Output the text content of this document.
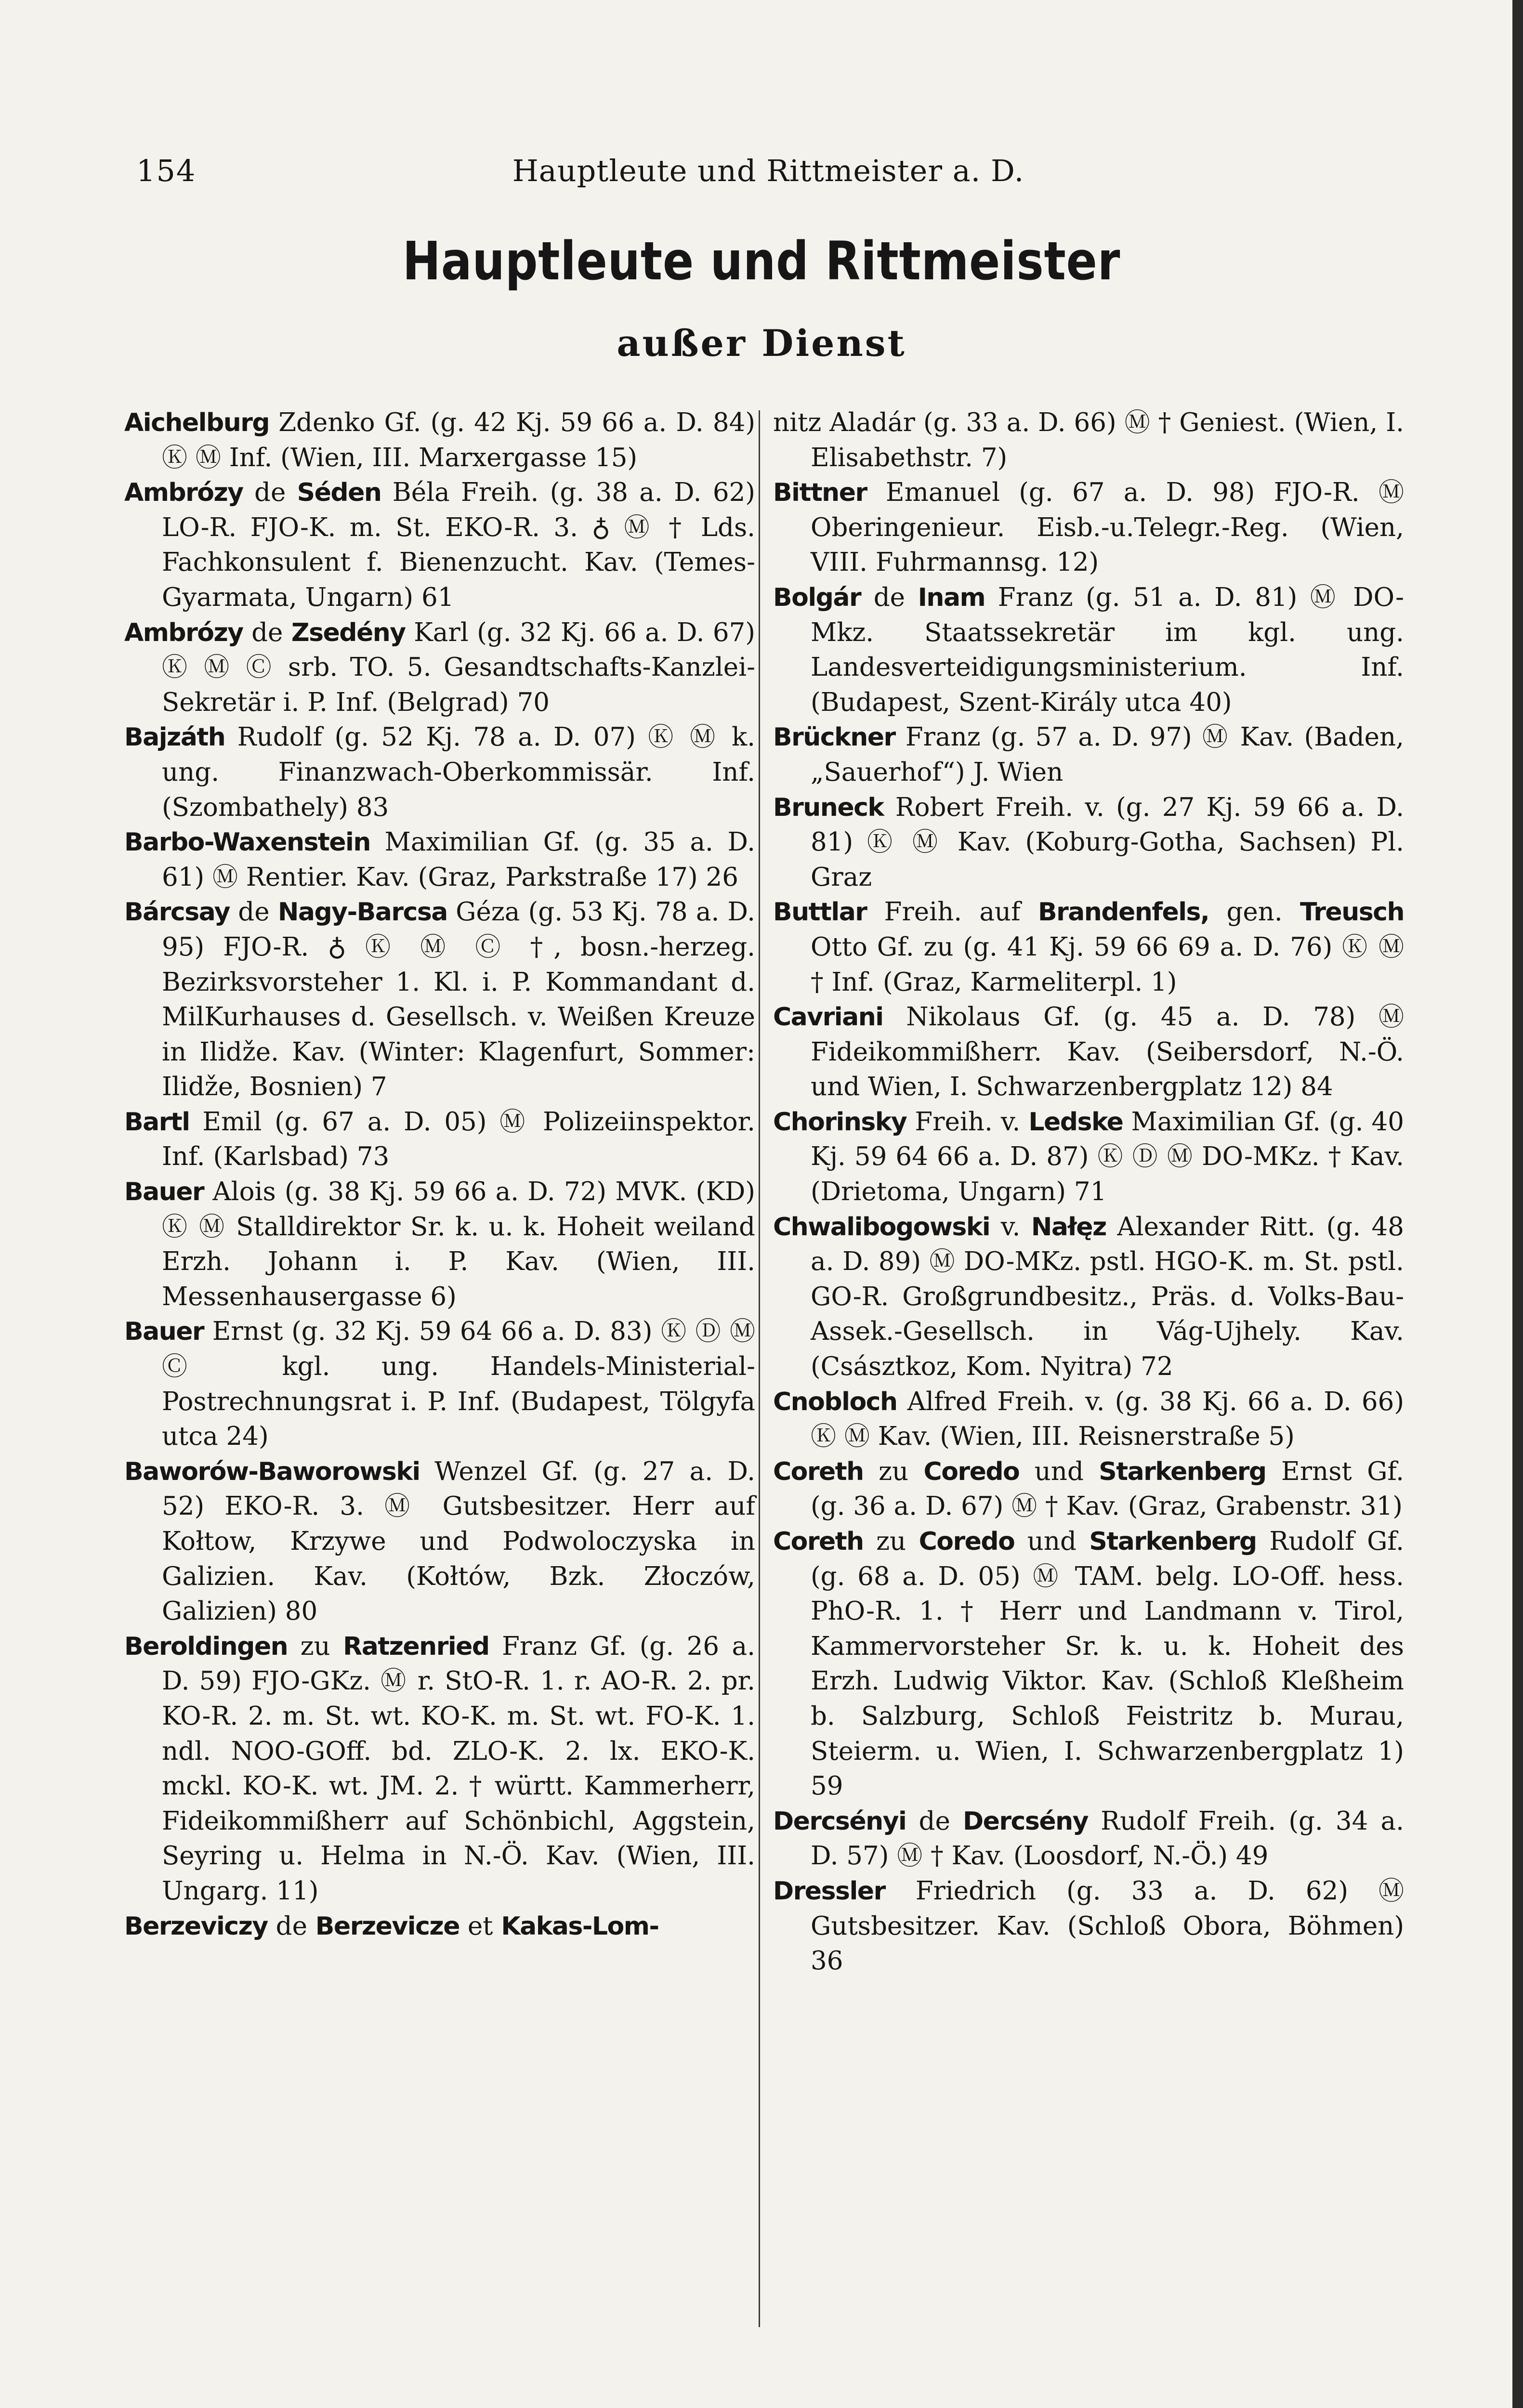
154	Hauptleute und Rittmeister a. D.
Hauptleute und Rittmeister
außer Dienst

Aichelburg Zdenko Gf. (g. 42 Kj. 59 66 a. D. 84) Ⓚ Ⓜ Inf. (Wien, III. Marxergasse 15)

Ambrózy de Séden Béla Freih. (g. 38 a. D. 62) LO-R. FJO-K. m. St. EKO-R. 3. ♁ Ⓜ † Lds. Fachkonsulent f. Bienenzucht. Kav. (Temes-Gyarmata, Ungarn) 61

Ambrózy de Zsedény Karl (g. 32 Kj. 66 a. D. 67) Ⓚ Ⓜ Ⓒ srb. TO. 5. Gesandtschafts-Kanzlei-Sekretär i. P. Inf. (Belgrad) 70

Bajzáth Rudolf (g. 52 Kj. 78 a. D. 07) Ⓚ Ⓜ k. ung. Finanzwach-Oberkommissär. Inf. (Szombathely) 83

Barbo-Waxenstein Maximilian Gf. (g. 35 a. D. 61) Ⓜ Rentier. Kav. (Graz, Parkstraße 17) 26

Bárcsay de Nagy-Barcsa Géza (g. 53 Kj. 78 a. D. 95) FJO-R. ♁ Ⓚ Ⓜ Ⓒ †, bosn.-herzeg. Bezirksvorsteher 1. Kl. i. P. Kommandant d. MilKurhauses d. Gesellsch. v. Weißen Kreuze in Ilidže. Kav. (Winter: Klagenfurt, Sommer: Ilidže, Bosnien) 7

Bartl Emil (g. 67 a. D. 05) Ⓜ Polizeiinspektor. Inf. (Karlsbad) 73

Bauer Alois (g. 38 Kj. 59 66 a. D. 72) MVK. (KD) Ⓚ Ⓜ Stalldirektor Sr. k. u. k. Hoheit weiland Erzh. Johann i. P. Kav. (Wien, III. Messenhausergasse 6)

Bauer Ernst (g. 32 Kj. 59 64 66 a. D. 83) Ⓚ Ⓓ Ⓜ Ⓒ kgl. ung. Handels-Ministerial-Postrechnungsrat i. P. Inf. (Budapest, Tölgyfa utca 24)

Baworów-Baworowski Wenzel Gf. (g. 27 a. D. 52) EKO-R. 3. Ⓜ Gutsbesitzer. Herr auf Kołtow, Krzywe und Podwoloczyska in Galizien. Kav. (Kołtów, Bzk. Złoczów, Galizien) 80

Beroldingen zu Ratzenried Franz Gf. (g. 26 a. D. 59) FJO-GKz. Ⓜ r. StO-R. 1. r. AO-R. 2. pr. KO-R. 2. m. St. wt. KO-K. m. St. wt. FO-K. 1. ndl. NOO-GOff. bd. ZLO-K. 2. lx. EKO-K. mckl. KO-K. wt. JM. 2. † württ. Kammerherr, Fideikommißherr auf Schönbichl, Aggstein, Seyring u. Helma in N.-Ö. Kav. (Wien, III. Ungarg. 11)

Berzeviczy de Berzevicze et Kakas-Lom-

nitz Aladár (g. 33 a. D. 66) Ⓜ † Geniest. (Wien, I. Elisabethstr. 7)

Bittner Emanuel (g. 67 a. D. 98) FJO-R. Ⓜ Oberingenieur. Eisb.-u.Telegr.-Reg. (Wien, VIII. Fuhrmannsg. 12)

Bolgár de Inam Franz (g. 51 a. D. 81) Ⓜ DO-Mkz. Staatssekretär im kgl. ung. Landesverteidigungsministerium. Inf. (Budapest, Szent-Király utca 40)

Brückner Franz (g. 57 a. D. 97) Ⓜ Kav. (Baden, „Sauerhof“) J. Wien

Bruneck Robert Freih. v. (g. 27 Kj. 59 66 a. D. 81) Ⓚ Ⓜ Kav. (Koburg-Gotha, Sachsen) Pl. Graz

Buttlar Freih. auf Brandenfels, gen. Treusch Otto Gf. zu (g. 41 Kj. 59 66 69 a. D. 76) Ⓚ Ⓜ † Inf. (Graz, Karmeliterpl. 1)

Cavriani Nikolaus Gf. (g. 45 a. D. 78) Ⓜ Fideikommißherr. Kav. (Seibersdorf, N.-Ö. und Wien, I. Schwarzenbergplatz 12) 84

Chorinsky Freih. v. Ledske Maximilian Gf. (g. 40 Kj. 59 64 66 a. D. 87) Ⓚ Ⓓ Ⓜ DO-MKz. † Kav. (Drietoma, Ungarn) 71

Chwalibogowski v. Nałęz Alexander Ritt. (g. 48 a. D. 89) Ⓜ DO-MKz. pstl. HGO-K. m. St. pstl. GO-R. Großgrundbesitz., Präs. d. Volks-Bau-Assek.-Gesellsch. in Vág-Ujhely. Kav. (Császtkoz, Kom. Nyitra) 72

Cnobloch Alfred Freih. v. (g. 38 Kj. 66 a. D. 66) Ⓚ Ⓜ Kav. (Wien, III. Reisnerstraße 5)

Coreth zu Coredo und Starkenberg Ernst Gf. (g. 36 a. D. 67) Ⓜ † Kav. (Graz, Grabenstr. 31)

Coreth zu Coredo und Starkenberg Rudolf Gf. (g. 68 a. D. 05) Ⓜ TAM. belg. LO-Off. hess. PhO-R. 1. † Herr und Landmann v. Tirol, Kammervorsteher Sr. k. u. k. Hoheit des Erzh. Ludwig Viktor. Kav. (Schloß Kleßheim b. Salzburg, Schloß Feistritz b. Murau, Steierm. u. Wien, I. Schwarzenbergplatz 1) 59

Dercsényi de Dercsény Rudolf Freih. (g. 34 a. D. 57) Ⓜ † Kav. (Loosdorf, N.-Ö.) 49

Dressler Friedrich (g. 33 a. D. 62) Ⓜ Gutsbesitzer. Kav. (Schloß Obora, Böhmen) 36
